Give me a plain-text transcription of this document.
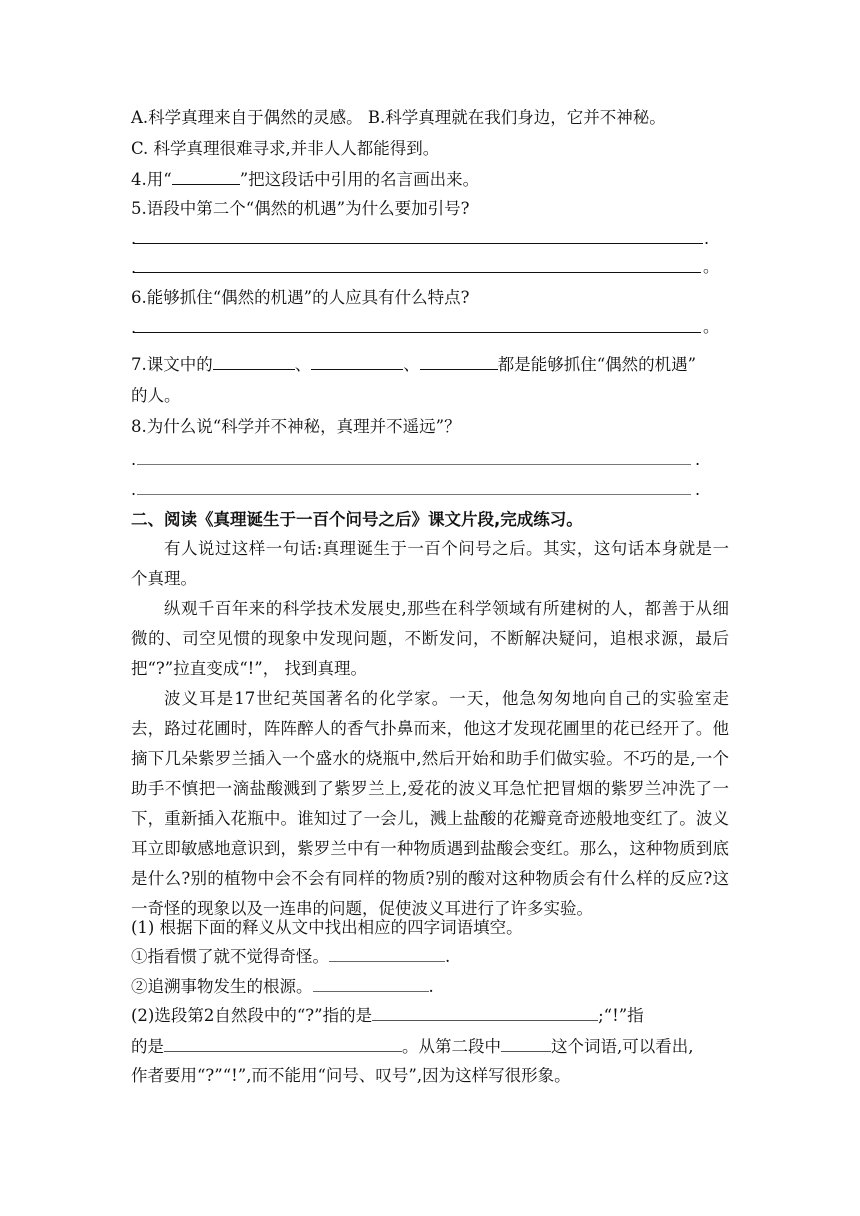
A.科学真理来自于偶然的灵感。 B.科学真理就在我们身边，它并不神秘。
C. 科学真理很难寻求,并非人人都能得到。
4.用“	”把这段话中引用的名言画出来。
5.语段中第二个“偶然的机遇”为什么要加引号?
.	.
.	。
6.能够抓住“偶然的机遇”的人应具有什么特点?
.	。
7.课文中的	、	、	都是能够抓住“偶然的机遇”
的人。
8.为什么说“科学并不神秘，真理并不遥远”？
.	.
.	.
二、阅读《真理诞生于一百个问号之后》课文片段,完成练习。

有人说过这样一句话:真理诞生于一百个问号之后。其实，这句话本身就是一个真理。

纵观千百年来的科学技术发展史,那些在科学领域有所建树的人，都善于从细微的、司空见惯的现象中发现问题，不断发问，不断解决疑问，追根求源，最后把“?”拉直变成“!”， 找到真理。

波义耳是17世纪英国著名的化学家。一天，他急匆匆地向自己的实验室走去，路过花圃时，阵阵醉人的香气扑鼻而来，他这才发现花圃里的花已经开了。他摘下几朵紫罗兰插入一个盛水的烧瓶中,然后开始和助手们做实验。不巧的是,一个助手不慎把一滴盐酸溅到了紫罗兰上,爱花的波义耳急忙把冒烟的紫罗兰冲洗了一下，重新插入花瓶中。谁知过了一会儿，溅上盐酸的花瓣竟奇迹般地变红了。波义耳立即敏感地意识到，紫罗兰中有一种物质遇到盐酸会变红。那么，这种物质到底是什么?别的植物中会不会有同样的物质?别的酸对这种物质会有什么样的反应?这一奇怪的现象以及一连串的问题，促使波义耳进行了许多实验。

(1) 根据下面的释义从文中找出相应的四字词语填空。
①指看惯了就不觉得奇怪。	.
②追溯事物发生的根源。	.
(2)选段第2自然段中的“?”指的是	;“!”指
的是	。从第二段中	这个词语,可以看出,
作者要用“?”“!”,而不能用“问号、叹号”,因为这样写很形象。
